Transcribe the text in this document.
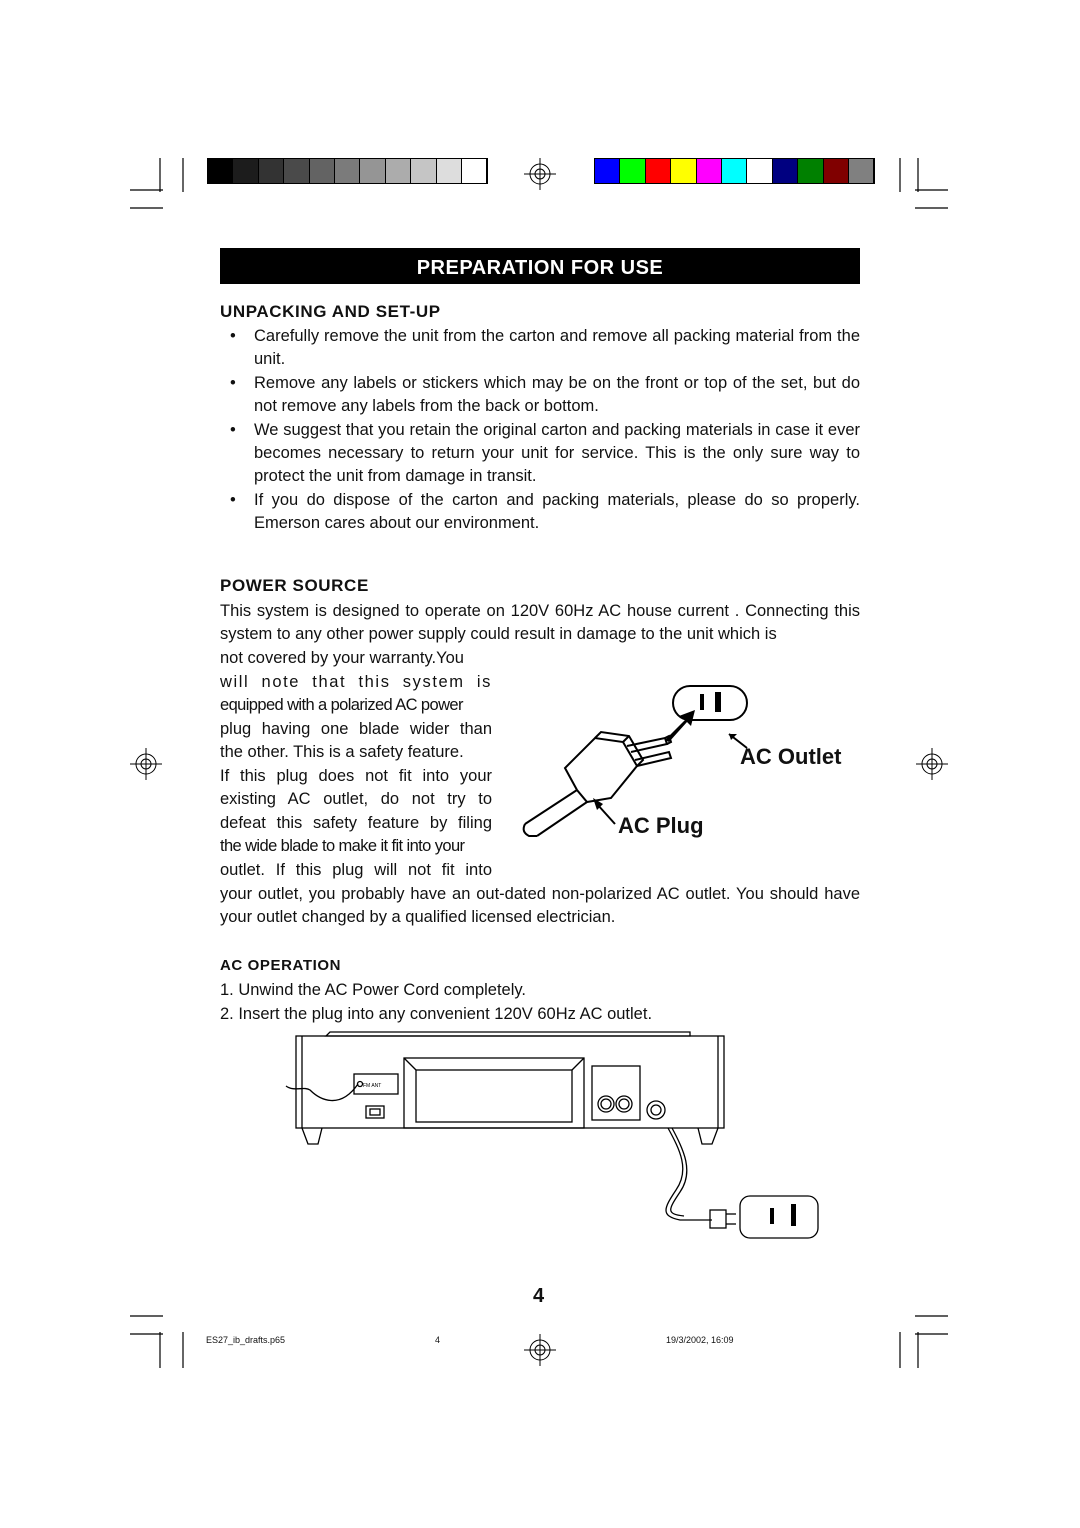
PREPARATION FOR USE
UNPACKING AND SET-UP
• Carefully remove the unit from the carton and remove all packing material from the unit.
• Remove any labels or stickers which may be on the front or top of the set, but do not remove any labels from the back or bottom.
• We suggest that you retain the original carton and packing materials in case it ever becomes necessary to return your unit for service. This is the only sure way to protect the unit from damage in transit.
• If you do dispose of the carton and packing materials, please do so properly. Emerson cares about our environment.
POWER SOURCE
This system is designed to operate on 120V 60Hz AC house current . Connecting this system to any other power supply could result in damage to the unit which is
not covered by your warranty.You
will note that this system is
equipped with a polarized AC power
plug having one blade wider than
the other. This is a safety feature.
If this plug does not fit into your
existing AC outlet, do not try to
defeat this safety feature by filing
the wide blade to make it fit into your
outlet. If this plug will not fit into
AC Outlet
AC Plug
your outlet, you probably have an out-dated non-polarized AC outlet. You should have your outlet changed by a qualified licensed electrician.
AC OPERATION
1. Unwind the AC Power Cord completely.
2. Insert the plug into any convenient 120V 60Hz AC outlet.
FM ANT
4
ES27_ib_drafts.p65	4	19/3/2002, 16:09
